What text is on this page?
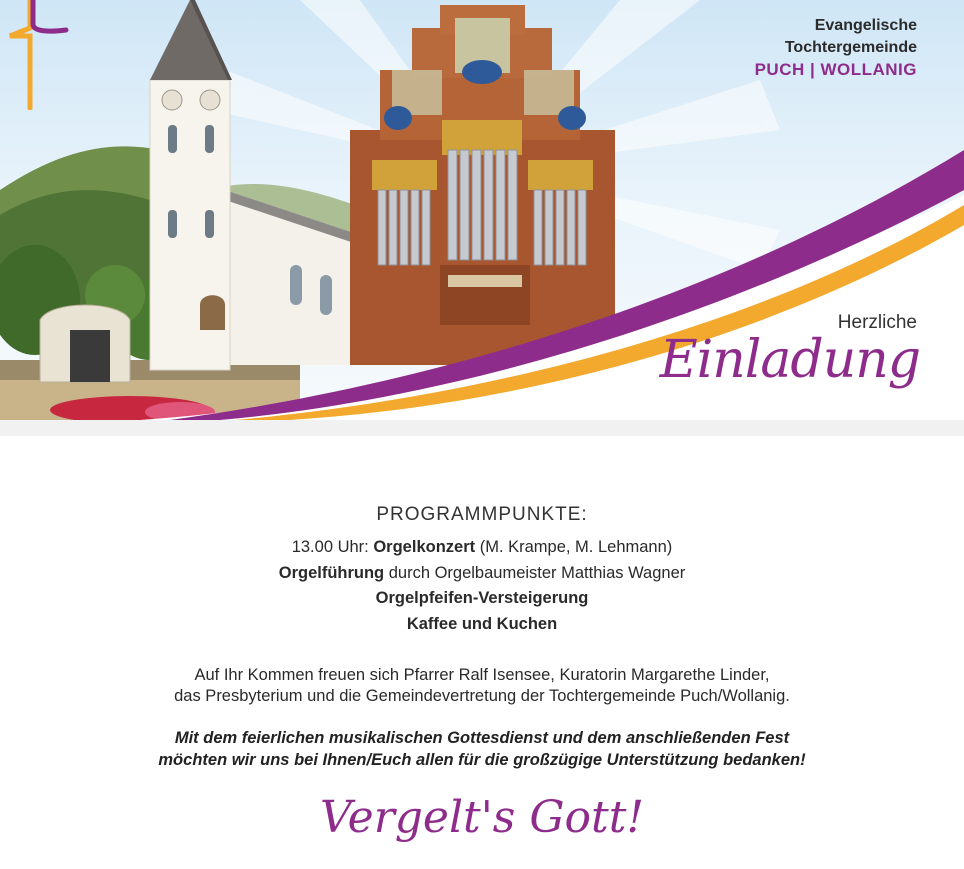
Evangelische
Tochtergemeinde
PUCH | WOLLANIG
Herzliche
Einladung
PROGRAMMPUNKTE:
13.00 Uhr: Orgelkonzert (M. Krampe, M. Lehmann)
Orgelführung durch Orgelbaumeister Matthias Wagner
Orgelpfeifen-Versteigerung
Kaffee und Kuchen
Auf Ihr Kommen freuen sich Pfarrer Ralf Isensee, Kuratorin Margarethe Linder,
das Presbyterium und die Gemeindevertretung der Tochtergemeinde Puch/Wollanig.
Mit dem feierlichen musikalischen Gottesdienst und dem anschließenden Fest
möchten wir uns bei Ihnen/Euch allen für die großzügige Unterstützung bedanken!
Vergelt's Gott!
